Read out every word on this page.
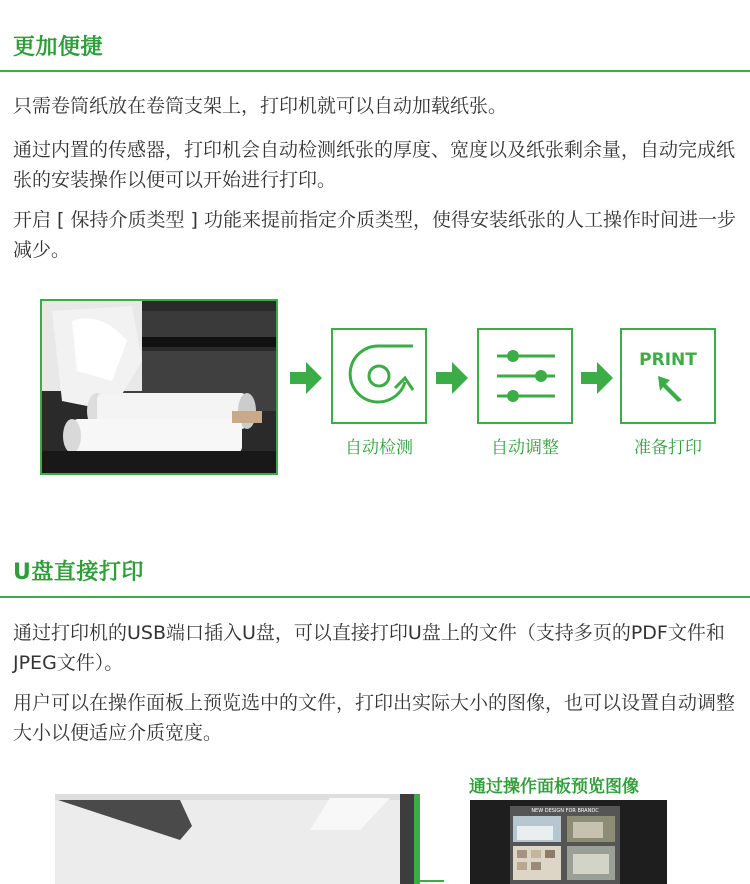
更加便捷

只需卷筒纸放在卷筒支架上，打印机就可以自动加载纸张。

通过内置的传感器，打印机会自动检测纸张的厚度、宽度以及纸张剩余量，自动完成纸张的安装操作以便可以开始进行打印。

开启 [ 保持介质类型 ] 功能来提前指定介质类型，使得安装纸张的人工操作时间进一步减少。

自动检测	自动调整
PRINT
准备打印
U盘直接打印

通过打印机的USB端口插入U盘，可以直接打印U盘上的文件（支持多页的PDF文件和JPEG文件）。

用户可以在操作面板上预览选中的文件，打印出实际大小的图像，也可以设置自动调整大小以便适应介质宽度。

通过操作面板预览图像
NEW DESIGN FOR BRANDC
